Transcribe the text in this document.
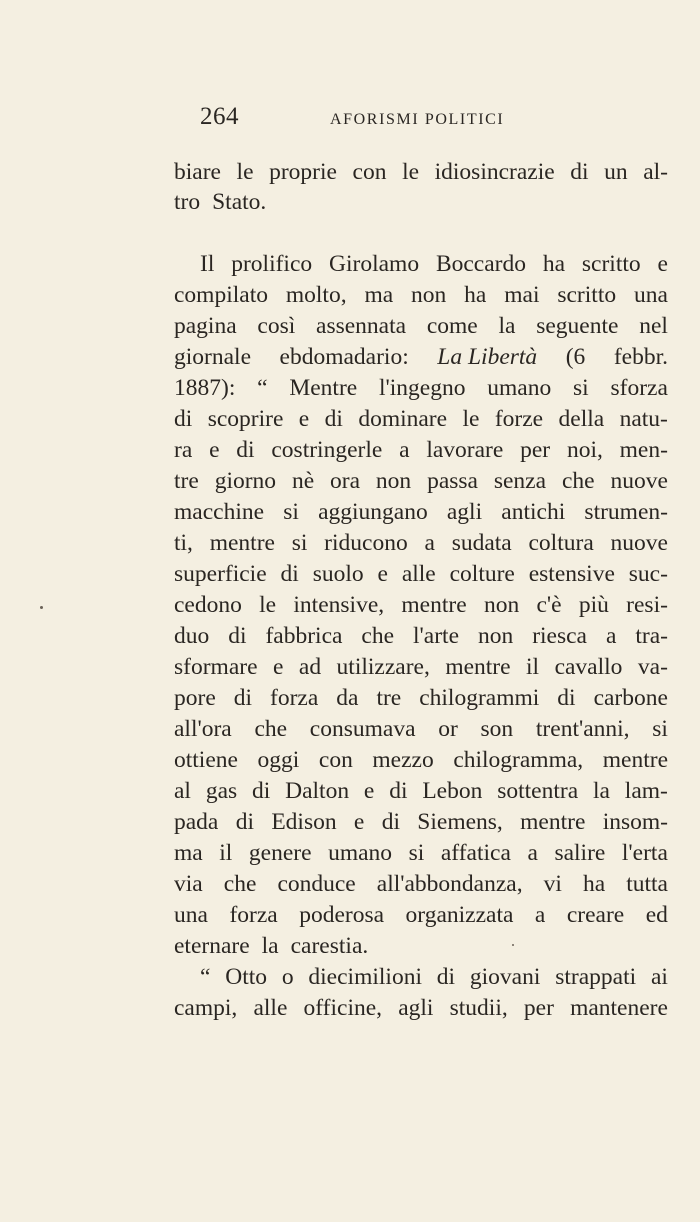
264	AFORISMI POLITICI
biare le proprie con le idiosincrazie di un al-
tro Stato.
Il prolifico Girolamo Boccardo ha scritto e
compilato molto, ma non ha mai scritto una
pagina così assennata come la seguente nel
giornale ebdomadario: La Libertà (6 febbr.
1887): “ Mentre l'ingegno umano si sforza
di scoprire e di dominare le forze della natu-
ra e di costringerle a lavorare per noi, men-
tre giorno nè ora non passa senza che nuove
macchine si aggiungano agli antichi strumen-
ti, mentre si riducono a sudata coltura nuove
superficie di suolo e alle colture estensive suc-
cedono le intensive, mentre non c'è più resi-
duo di fabbrica che l'arte non riesca a tra-
sformare e ad utilizzare, mentre il cavallo va-
pore di forza da tre chilogrammi di carbone
all'ora che consumava or son trent'anni, si
ottiene oggi con mezzo chilogramma, mentre
al gas di Dalton e di Lebon sottentra la lam-
pada di Edison e di Siemens, mentre insom-
ma il genere umano si affatica a salire l'erta
via che conduce all'abbondanza, vi ha tutta
una forza poderosa organizzata a creare ed
eternare la carestia.
“ Otto o diecimilioni di giovani strappati ai
campi, alle officine, agli studii, per mantenere
